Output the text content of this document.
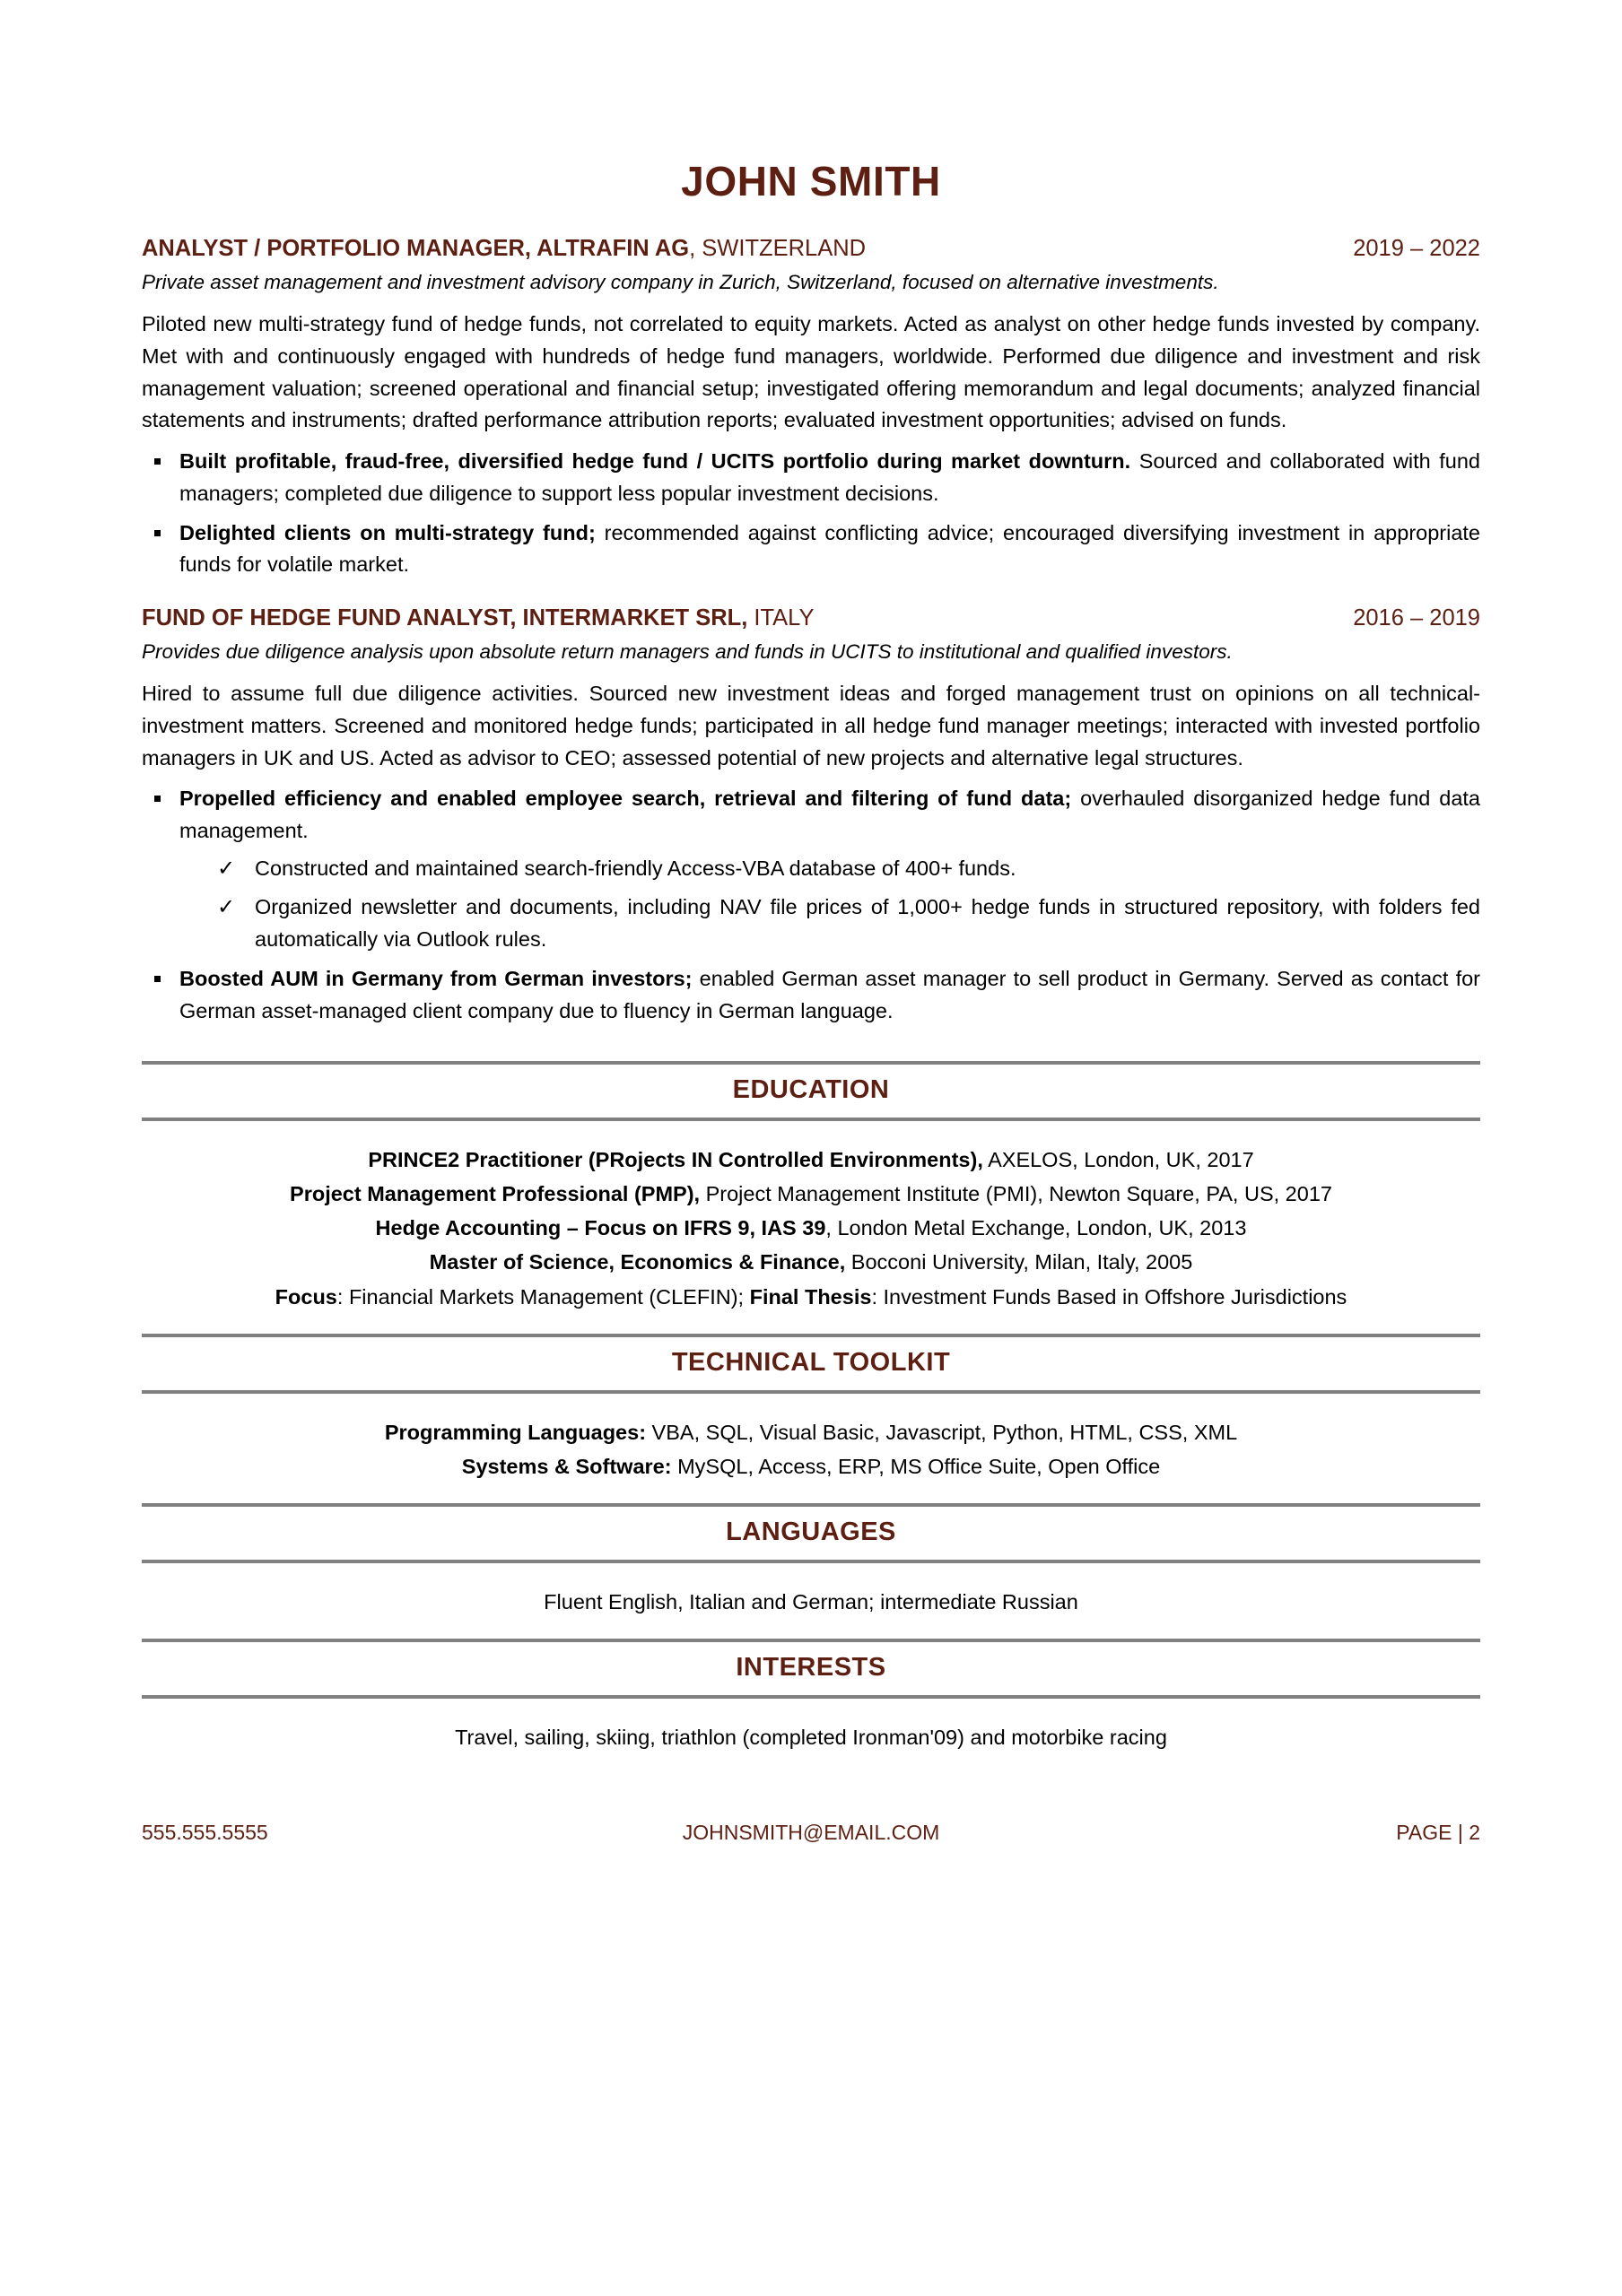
JOHN SMITH
ANALYST / PORTFOLIO MANAGER, ALTRAFIN AG, SWITZERLAND	2019 – 2022

Private asset management and investment advisory company in Zurich, Switzerland, focused on alternative investments.

Piloted new multi-strategy fund of hedge funds, not correlated to equity markets. Acted as analyst on other hedge funds invested by company. Met with and continuously engaged with hundreds of hedge fund managers, worldwide. Performed due diligence and investment and risk management valuation; screened operational and financial setup; investigated offering memorandum and legal documents; analyzed financial statements and instruments; drafted performance attribution reports; evaluated investment opportunities; advised on funds.

Built profitable, fraud-free, diversified hedge fund / UCITS portfolio during market downturn. Sourced and collaborated with fund managers; completed due diligence to support less popular investment decisions.
Delighted clients on multi-strategy fund; recommended against conflicting advice; encouraged diversifying investment in appropriate funds for volatile market.
FUND OF HEDGE FUND ANALYST, INTERMARKET SRL, ITALY	2016 – 2019

Provides due diligence analysis upon absolute return managers and funds in UCITS to institutional and qualified investors.

Hired to assume full due diligence activities. Sourced new investment ideas and forged management trust on opinions on all technical-investment matters. Screened and monitored hedge funds; participated in all hedge fund manager meetings; interacted with invested portfolio managers in UK and US. Acted as advisor to CEO; assessed potential of new projects and alternative legal structures.

Propelled efficiency and enabled employee search, retrieval and filtering of fund data; overhauled disorganized hedge fund data management.
✓ Constructed and maintained search-friendly Access-VBA database of 400+ funds.
✓ Organized newsletter and documents, including NAV file prices of 1,000+ hedge funds in structured repository, with folders fed automatically via Outlook rules.
Boosted AUM in Germany from German investors; enabled German asset manager to sell product in Germany. Served as contact for German asset-managed client company due to fluency in German language.
EDUCATION

PRINCE2 Practitioner (PRojects IN Controlled Environments), AXELOS, London, UK, 2017

Project Management Professional (PMP), Project Management Institute (PMI), Newton Square, PA, US, 2017

Hedge Accounting – Focus on IFRS 9, IAS 39, London Metal Exchange, London, UK, 2013

Master of Science, Economics & Finance, Bocconi University, Milan, Italy, 2005

Focus: Financial Markets Management (CLEFIN); Final Thesis: Investment Funds Based in Offshore Jurisdictions

TECHNICAL TOOLKIT

Programming Languages: VBA, SQL, Visual Basic, Javascript, Python, HTML, CSS, XML

Systems & Software: MySQL, Access, ERP, MS Office Suite, Open Office

LANGUAGES

Fluent English, Italian and German; intermediate Russian

INTERESTS

Travel, sailing, skiing, triathlon (completed Ironman'09) and motorbike racing

555.555.5555	JOHNSMITH@EMAIL.COM	PAGE | 2
